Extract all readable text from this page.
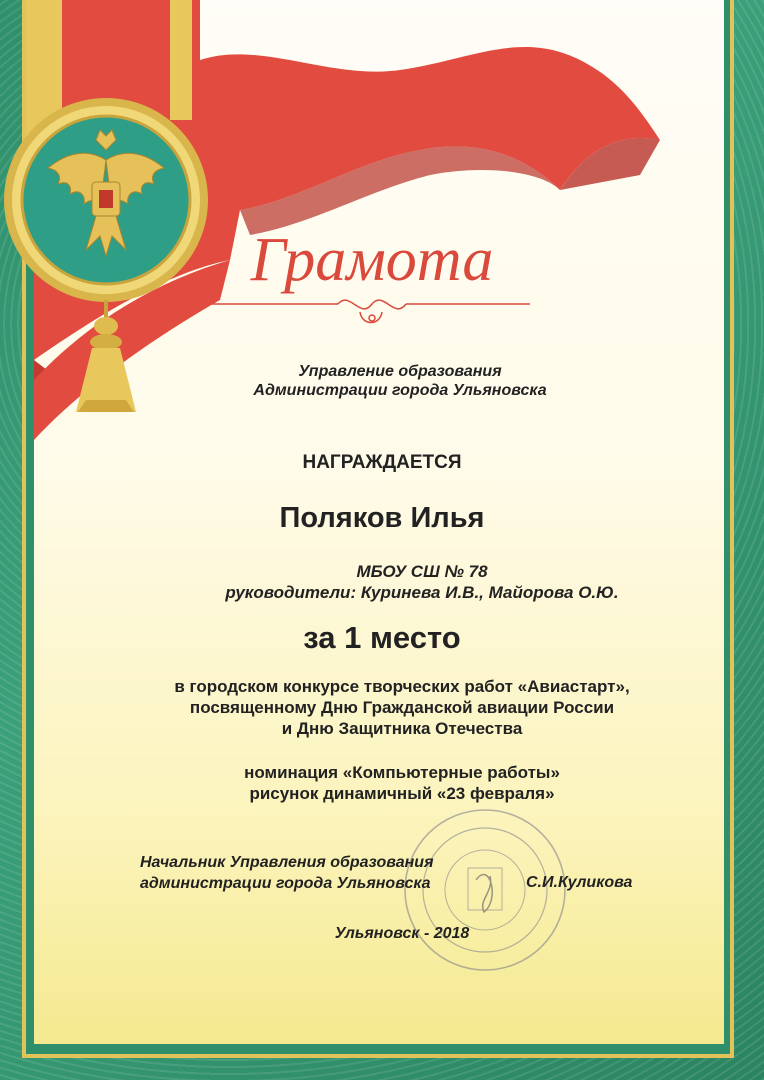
Грамота
Управление образования
Администрации города Ульяновска
НАГРАЖДАЕТСЯ
Поляков Илья
МБОУ СШ № 78
руководители: Куринева И.В., Майорова О.Ю.
за 1 место
в городском конкурсе творческих работ «Авиастарт»,
посвященному Дню Гражданской авиации России
и Дню Защитника Отечества
номинация «Компьютерные работы»
рисунок динамичный «23 февраля»
Начальник Управления образования
администрации города Ульяновска	С.И.Куликова
Ульяновск - 2018
